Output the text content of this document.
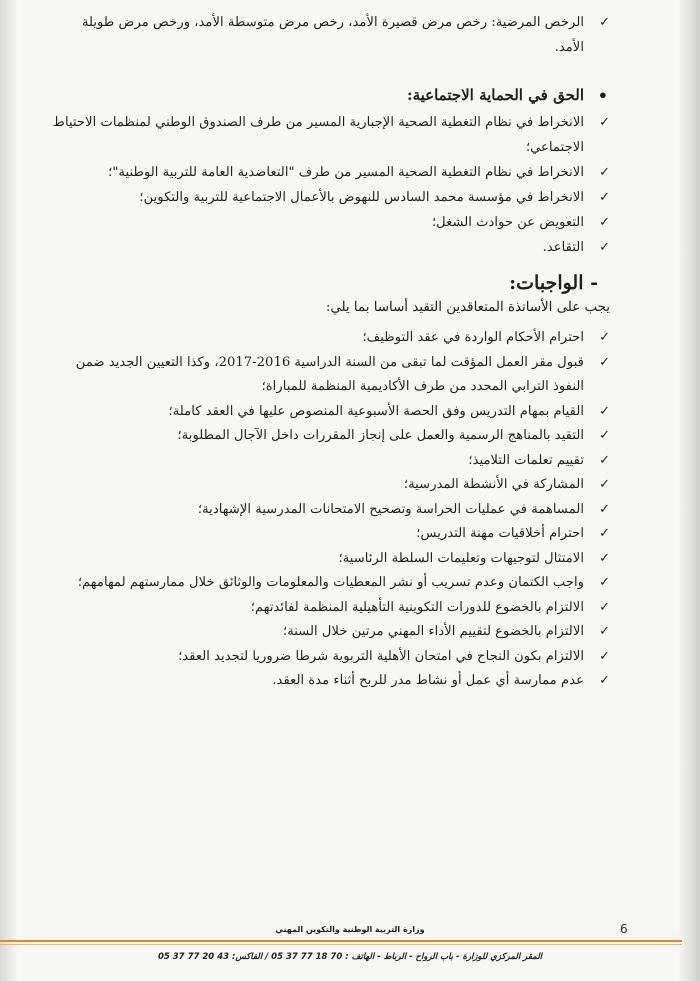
✓
الرخص المرضية: رخص مرض قصيرة الأمد، رخص مرض متوسطة الأمد، ورخص مرض طويلة الأمد.
•
الحق في الحماية الاجتماعية:
✓
الانخراط في نظام التغطية الصحية الإجبارية المسير من طرف الصندوق الوطني لمنظمات الاحتياط الاجتماعي؛
✓
الانخراط في نظام التغطية الصحية المسير من طرف "التعاضدية العامة للتربية الوطنية"؛
✓
الانخراط في مؤسسة محمد السادس للنهوض بالأعمال الاجتماعية للتربية والتكوين؛
✓
التعويض عن حوادث الشغل؛
✓
التقاعد.
- الواجبات:
يجب على الأساتذة المتعاقدين التقيد أساسا بما يلي:
✓
احترام الأحكام الواردة في عقد التوظيف؛
✓
قبول مقر العمل المؤقت لما تبقى من السنة الدراسية 2016-2017، وكذا التعيين الجديد ضمن النفوذ الترابي المحدد من طرف الأكاديمية المنظمة للمباراة؛
✓
القيام بمهام التدريس وفق الحصة الأسبوعية المنصوص عليها في العقد كاملة؛
✓
التقيد بالمناهج الرسمية والعمل على إنجاز المقررات داخل الآجال المطلوبة؛
✓
تقييم تعلمات التلاميذ؛
✓
المشاركة في الأنشطة المدرسية؛
✓
المساهمة في عمليات الحراسة وتصحيح الامتحانات المدرسية الإشهادية؛
✓
احترام أخلاقيات مهنة التدريس؛
✓
الامتثال لتوجيهات وتعليمات السلطة الرئاسية؛
✓
واجب الكتمان وعدم تسريب أو نشر المعطيات والمعلومات والوثائق خلال ممارستهم لمهامهم؛
✓
الالتزام بالخضوع للدورات التكوينية التأهيلية المنظمة لفائدتهم؛
✓
الالتزام بالخضوع لتقييم الأداء المهني مرتين خلال السنة؛
✓
الالتزام بكون النجاح في امتحان الأهلية التربوية شرطا ضروريا لتجديد العقد؛
✓
عدم ممارسة أي عمل أو نشاط مدر للربح أثناء مدة العقد.
6
وزارة التربية الوطنية والتكوين المهني
المقر المركزي للوزارة - باب الرواح - الرباط - الهاتف : 70 18 77 37 05 / الفاكس: 43 20 77 37 05
